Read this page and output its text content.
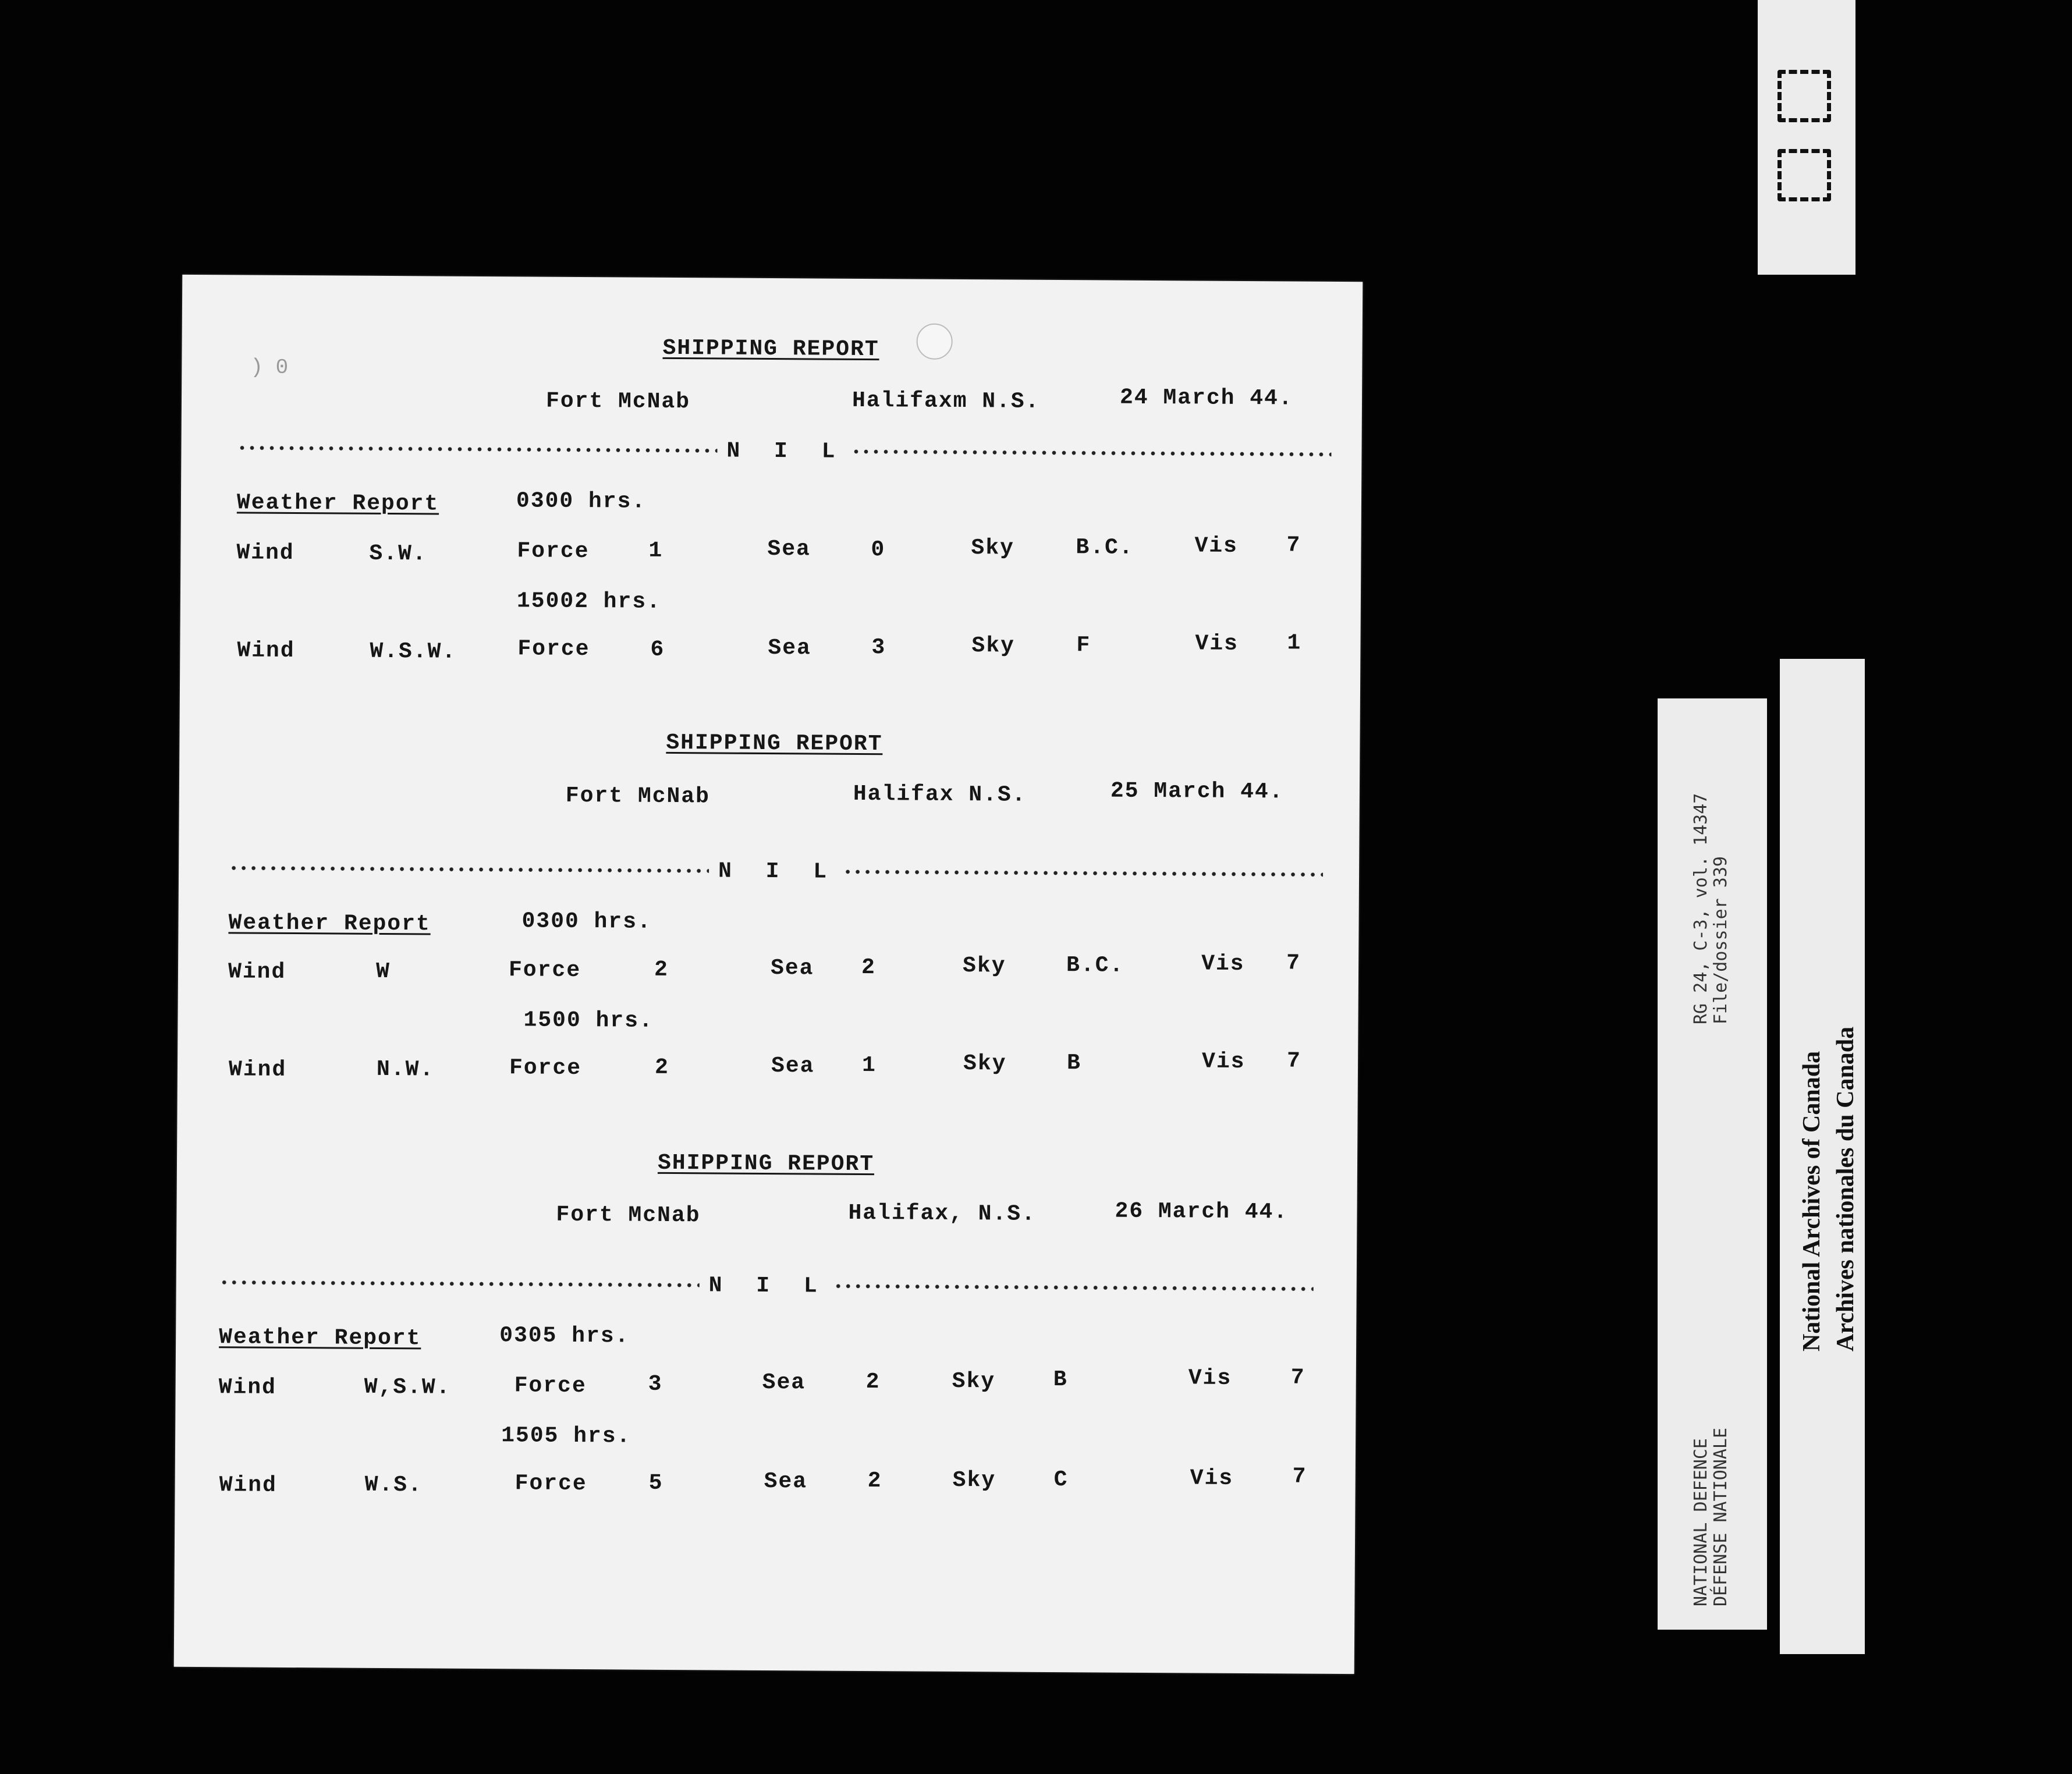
) 0
SHIPPING REPORT
Fort McNab	Halifaxm N.S.	24 March 44.
N I L
Weather Report	0300 hrs.
Wind	S.W.	Force	1	Sea	0	Sky	B.C.	Vis 7
15002 hrs.
Wind	W.S.W.	Force	6	Sea	3	Sky	F	Vis 1
SHIPPING REPORT
Fort McNab	Halifax N.S.	25 March 44.
N I L
Weather Report	0300 hrs.
Wind	W	Force	2	Sea 2	Sky	B.C.	Vis 7
1500 hrs.
Wind	N.W.	Force	2	Sea 1	Sky	B	Vis 7
SHIPPING REPORT
Fort McNab	Halifax, N.S.	26 March 44.
N I L
Weather Report	0305 hrs.
Wind	W,S.W.	Force	3	Sea	2	Sky	B	Vis	7
1505 hrs.
Wind	W.S.	Force	5	Sea	2	Sky	C	Vis	7
RG 24, C-3, vol. 14347 File/dossier 339
NATIONAL DEFENCE DÉFENSE NATIONALE
National Archives of Canada Archives nationales du Canada
